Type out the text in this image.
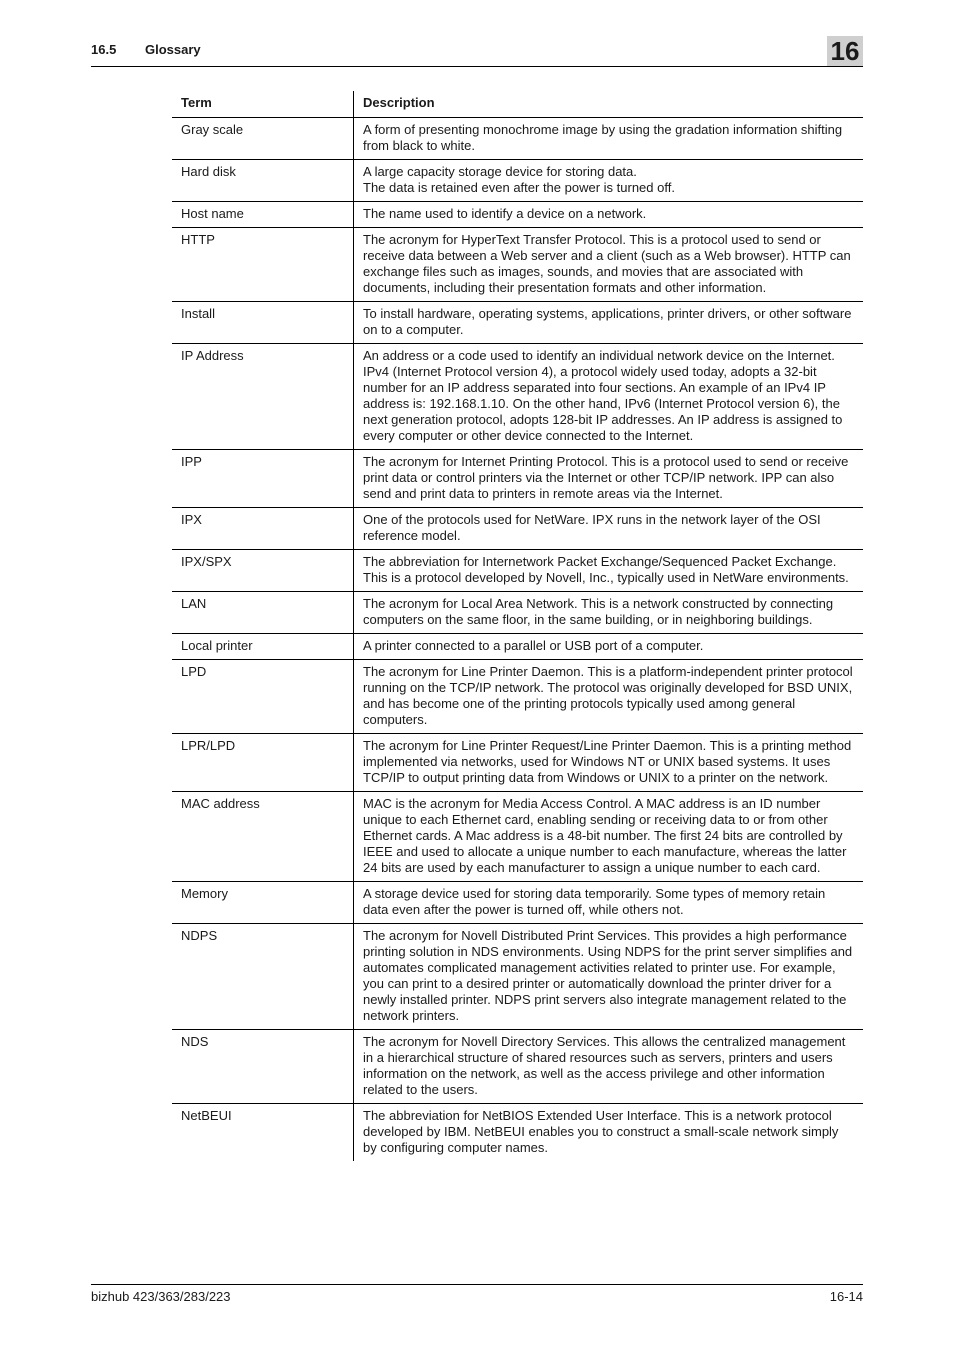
16.5 Glossary	16
Term	Description
Gray scale	A form of presenting monochrome image by using the gradation information shifting from black to white.
Hard disk	A large capacity storage device for storing data.
The data is retained even after the power is turned off.
Host name	The name used to identify a device on a network.
HTTP	The acronym for HyperText Transfer Protocol. This is a protocol used to send or receive data between a Web server and a client (such as a Web browser). HTTP can exchange files such as images, sounds, and movies that are associated with documents, including their presentation formats and other information.
Install	To install hardware, operating systems, applications, printer drivers, or other software on to a computer.
IP Address	An address or a code used to identify an individual network device on the Internet. IPv4 (Internet Protocol version 4), a protocol widely used today, adopts a 32-bit number for an IP address separated into four sections. An example of an IPv4 IP address is: 192.168.1.10. On the other hand, IPv6 (Internet Protocol version 6), the next generation protocol, adopts 128-bit IP addresses. An IP address is assigned to every computer or other device connected to the Internet.
IPP	The acronym for Internet Printing Protocol. This is a protocol used to send or receive print data or control printers via the Internet or other TCP/IP network. IPP can also send and print data to printers in remote areas via the Internet.
IPX	One of the protocols used for NetWare. IPX runs in the network layer of the OSI reference model.
IPX/SPX	The abbreviation for Internetwork Packet Exchange/Sequenced Packet Exchange. This is a protocol developed by Novell, Inc., typically used in NetWare environments.
LAN	The acronym for Local Area Network. This is a network constructed by connecting computers on the same floor, in the same building, or in neighboring buildings.
Local printer	A printer connected to a parallel or USB port of a computer.
LPD	The acronym for Line Printer Daemon. This is a platform-independent printer protocol running on the TCP/IP network. The protocol was originally developed for BSD UNIX, and has become one of the printing protocols typically used among general computers.
LPR/LPD	The acronym for Line Printer Request/Line Printer Daemon. This is a printing method implemented via networks, used for Windows NT or UNIX based systems. It uses TCP/IP to output printing data from Windows or UNIX to a printer on the network.
MAC address	MAC is the acronym for Media Access Control. A MAC address is an ID number unique to each Ethernet card, enabling sending or receiving data to or from other Ethernet cards. A Mac address is a 48-bit number. The first 24 bits are controlled by IEEE and used to allocate a unique number to each manufacture, whereas the latter 24 bits are used by each manufacturer to assign a unique number to each card.
Memory	A storage device used for storing data temporarily. Some types of memory retain data even after the power is turned off, while others not.
NDPS	The acronym for Novell Distributed Print Services. This provides a high performance printing solution in NDS environments. Using NDPS for the print server simplifies and automates complicated management activities related to printer use. For example, you can print to a desired printer or automatically download the printer driver for a newly installed printer. NDPS print servers also integrate management related to the network printers.
NDS	The acronym for Novell Directory Services. This allows the centralized management in a hierarchical structure of shared resources such as servers, printers and users information on the network, as well as the access privilege and other information related to the users.
NetBEUI	The abbreviation for NetBIOS Extended User Interface. This is a network protocol developed by IBM. NetBEUI enables you to construct a small-scale network simply by configuring computer names.
bizhub 423/363/283/223	16-14
